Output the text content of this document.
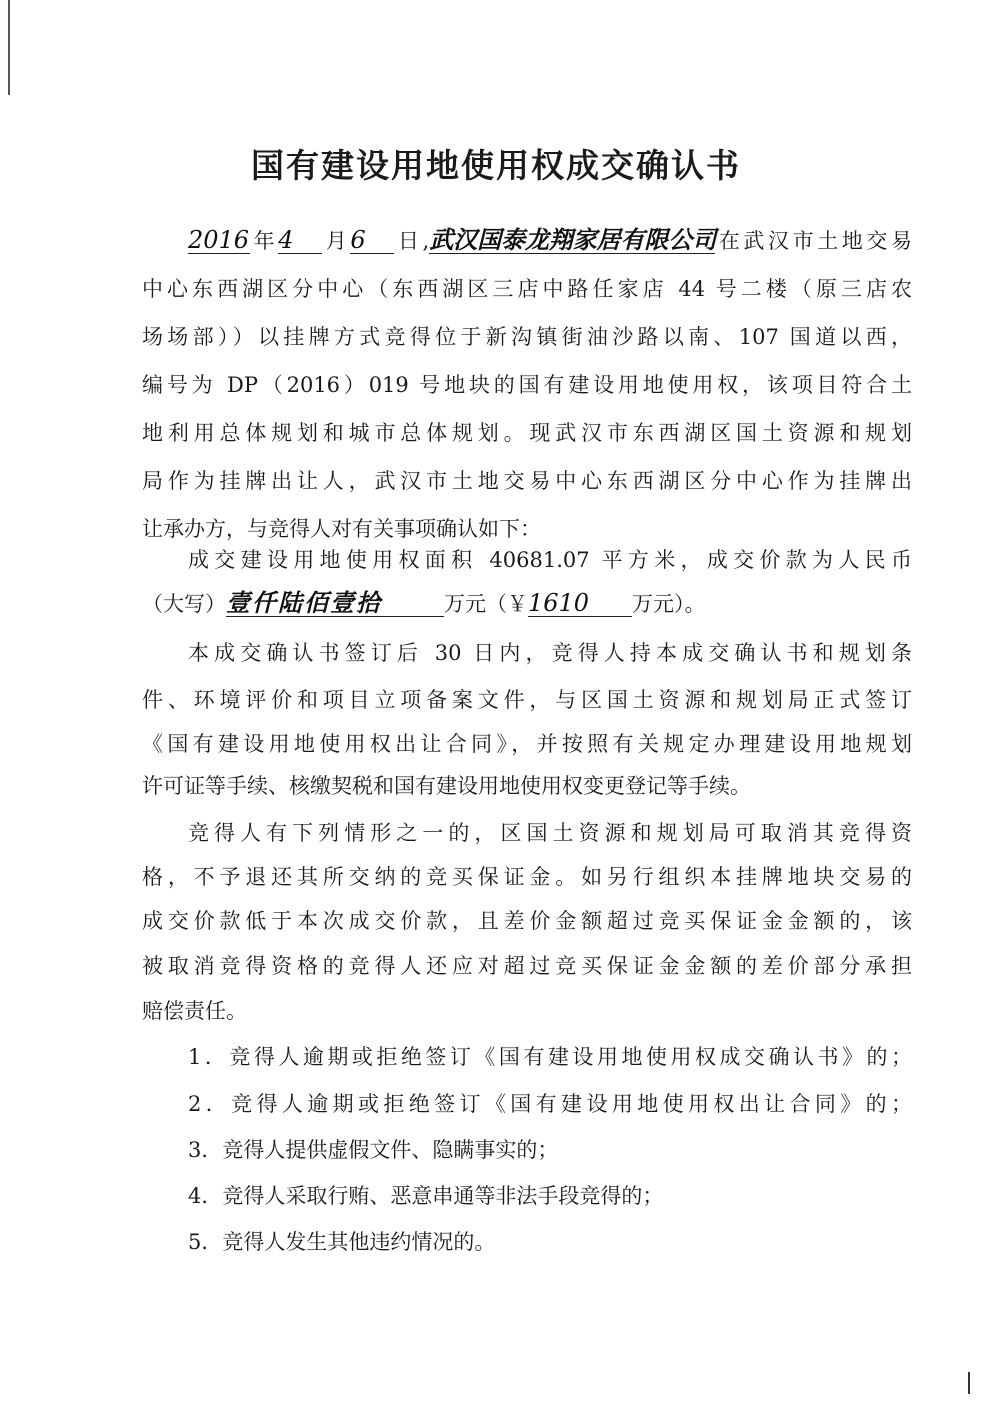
国有建设用地使用权成交确认书
2016年4 月6 日,武汉国泰龙翔家居有限公司在武汉市土地交易
中心东西湖区分中心（东西湖区三店中路任家店 44 号二楼（原三店农
场场部））以挂牌方式竞得位于新沟镇街油沙路以南、107 国道以西，
编号为 DP（2016）019 号地块的国有建设用地使用权，该项目符合土
地利用总体规划和城市总体规划。现武汉市东西湖区国土资源和规划
局作为挂牌出让人，武汉市土地交易中心东西湖区分中心作为挂牌出
让承办方，与竞得人对有关事项确认如下：
成交建设用地使用权面积 40681.07 平方米，成交价款为人民币
（大写）壹仟陆佰壹拾	万元（￥1610 万元）。
本成交确认书签订后 30 日内，竞得人持本成交确认书和规划条
件、环境评价和项目立项备案文件，与区国土资源和规划局正式签订
《国有建设用地使用权出让合同》，并按照有关规定办理建设用地规划
许可证等手续、核缴契税和国有建设用地使用权变更登记等手续。
竞得人有下列情形之一的，区国土资源和规划局可取消其竞得资
格，不予退还其所交纳的竞买保证金。如另行组织本挂牌地块交易的
成交价款低于本次成交价款，且差价金额超过竞买保证金金额的，该
被取消竞得资格的竞得人还应对超过竞买保证金金额的差价部分承担
赔偿责任。
1．竞得人逾期或拒绝签订《国有建设用地使用权成交确认书》的；
2．竞得人逾期或拒绝签订《国有建设用地使用权出让合同》的；
3．竞得人提供虚假文件、隐瞒事实的；
4．竞得人采取行贿、恶意串通等非法手段竞得的；
5．竞得人发生其他违约情况的。
